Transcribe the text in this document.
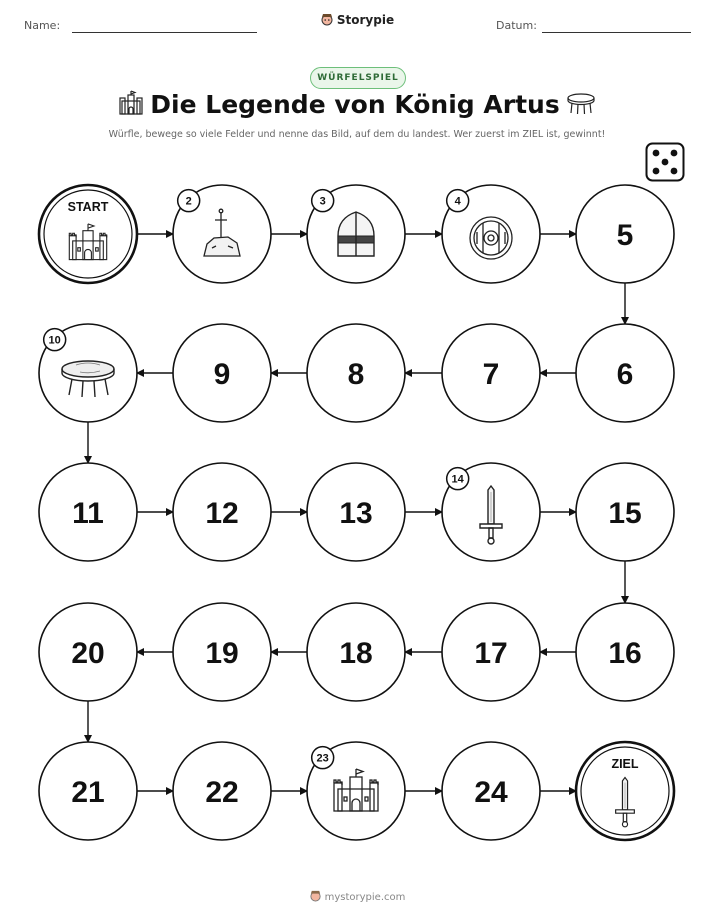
Name:	Storypie	Datum:
WÜRFELSPIEL
Die Legende von König Artus
Würfle, bewege so viele Felder und nenne das Bild, auf dem du landest. Wer zuerst im ZIEL ist, gewinnt!
START	2	3	4
5
6
7
8
9
10
11	12	13
14
15
16
17
18
19
20
21	22
23
24
ZIEL
mystorypie.com
